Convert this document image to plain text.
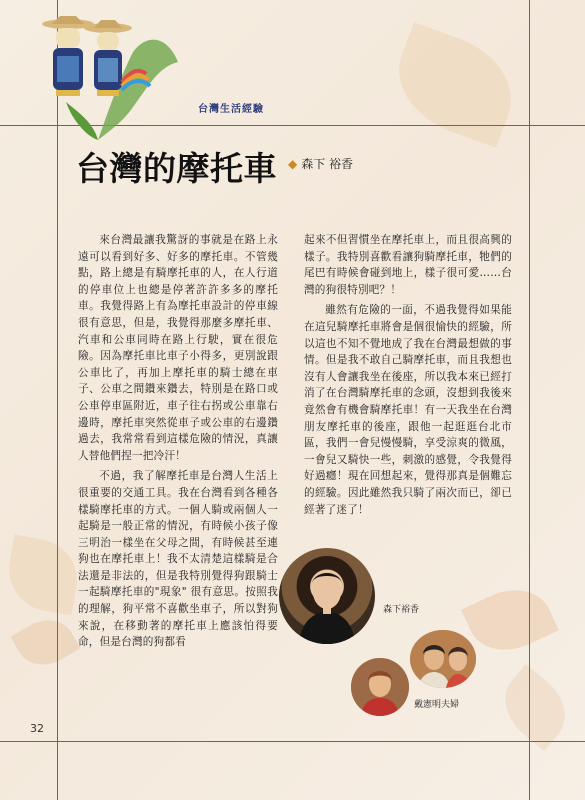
台灣生活經驗
台灣的摩托車 ◆ 森下 裕香

來台灣最讓我驚訝的事就是在路上永遠可以看到好多、好多的摩托車。不管幾點，路上總是有騎摩托車的人，在人行道的停車位上也總是停著許許多多的摩托車。我覺得路上有為摩托車設計的停車線很有意思，但是，我覺得那麼多摩托車、汽車和公車同時在路上行駛，實在很危險。因為摩托車比車子小得多，更別說跟公車比了，再加上摩托車的騎士總在車子、公車之間鑽來鑽去，特別是在路口或公車停車區附近，車子往右拐或公車靠右邊時，摩托車突然從車子或公車的右邊鑽過去，我常常看到這樣危險的情況，真讓人替他們捏一把冷汗！

不過，我了解摩托車是台灣人生活上很重要的交通工具。我在台灣看到各種各樣騎摩托車的方式。一個人騎或兩個人一起騎是一般正常的情況，有時候小孩子像三明治一樣坐在父母之間，有時候甚至連狗也在摩托車上！我不太清楚這樣騎是合法還是非法的，但是我特別覺得狗跟騎士一起騎摩托車的"現象" 很有意思。按照我的理解，狗平常不喜歡坐車子，所以對狗來說，在移動著的摩托車上應該怕得要命，但是台灣的狗都看

起來不但習慣坐在摩托車上，而且很高興的樣子。我特別喜歡看讓狗騎摩托車，牠們的尾巴有時候會碰到地上，樣子很可愛……台灣的狗很特別吧？！

雖然有危險的一面，不過我覺得如果能在這兒騎摩托車將會是個很愉快的經驗，所以這也不知不覺地成了我在台灣最想做的事情。但是我不敢自己騎摩托車，而且我想也沒有人會讓我坐在後座，所以我本來已經打消了在台灣騎摩托車的念頭，沒想到我後來竟然會有機會騎摩托車！有一天我坐在台灣朋友摩托車的後座，跟他一起逛逛台北市區，我們一會兒慢慢騎，享受涼爽的微風，一會兒又騎快一些，刺激的感覺，令我覺得好過癮！現在回想起來，覺得那真是個難忘的經驗。因此雖然我只騎了兩次而已，卻已經著了迷了！

森下裕香
戴憲明夫婦
32
